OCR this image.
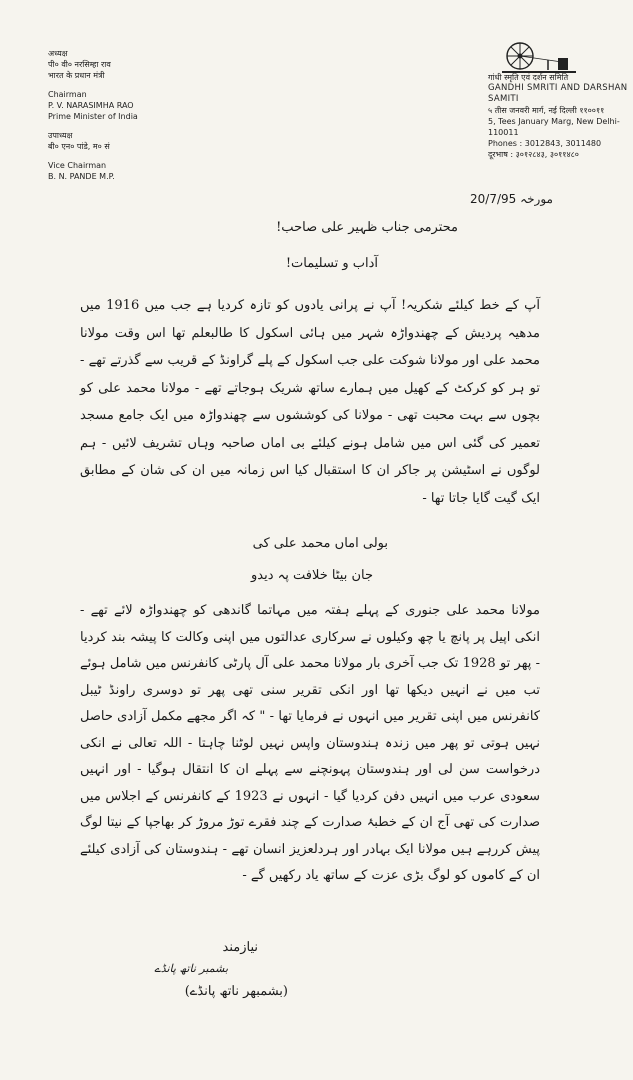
अध्यक्ष
पी० वी० नरसिम्हा राव
भारत के प्रधान मंत्री
Chairman
P. V. NARASIMHA RAO
Prime Minister of India
उपाध्यक्ष
बी० एन० पांडे, म० सं
Vice Chairman
B. N. PANDE M.P.
गांधी स्मृति एवं दर्शन समिति
GANDHI SMRITI AND DARSHAN SAMITI
५ तीस जनवरी मार्ग, नई दिल्ली ११००११
5, Tees January Marg, New Delhi-110011
Phones : 3012843, 3011480
दूरभाष : ३०१२८४३, ३०११४८०
20/7/95 مورخہ
محترمی جناب ظہیر علی صاحب!
آداب و تسلیمات!
آپ کے خط کیلئے شکریہ! آپ نے پرانی یادوں کو تازہ کردیا ہے جب میں 1916 میں مدھیہ پردیش کے چھندواڑہ شہر میں ہائی اسکول کا طالبعلم تھا اس وقت مولانا محمد علی اور مولانا شوکت علی جب اسکول کے پلے گراونڈ کے قریب سے گذرتے تھے - تو ہر کو کرکٹ کے کھیل میں ہمارے ساتھ شریک ہوجاتے تھے - مولانا محمد علی کو بچوں سے بہت محبت تھی - مولانا کی کوششوں سے چھندواڑہ میں ایک جامع مسجد تعمیر کی گئی اس میں شامل ہونے کیلئے بی اماں صاحبہ وہاں تشریف لائیں - ہم لوگوں نے اسٹیشن پر جاکر ان کا استقبال کیا اس زمانہ میں ان کی شان کے مطابق ایک گیت گایا جاتا تھا -
بولی اماں محمد علی کی
جان بیٹا خلافت پہ دیدو
مولانا محمد علی جنوری کے پہلے ہفتہ میں مہاتما گاندھی کو چھندواڑہ لائے تھے - انکی اپیل پر پانچ یا چھ وکیلوں نے سرکاری عدالتوں میں اپنی وکالت کا پیشہ بند کردیا - پھر تو 1928 تک جب آخری بار مولانا محمد علی آل پارٹی کانفرنس میں شامل ہوئے تب میں نے انہیں دیکھا تھا اور انکی تقریر سنی تھی پھر تو دوسری راونڈ ٹیبل کانفرنس میں اپنی تقریر میں انہوں نے فرمایا تھا - " کہ اگر مجھے مکمل آزادی حاصل نہیں ہوتی تو پھر میں زندہ ہندوستان واپس نہیں لوٹنا چاہتا - اللہ تعالی نے انکی درخواست سن لی اور ہندوستان پہونچنے سے پہلے ان کا انتقال ہوگیا - اور انہیں سعودی عرب میں انہیں دفن کردیا گیا - انہوں نے 1923 کے کانفرنس کے اجلاس میں صدارت کی تھی آج ان کے خطبۂ صدارت کے چند فقرے توڑ مروڑ کر بھاجپا کے نیتا لوگ پیش کررہے ہیں مولانا ایک بہادر اور ہردلعزیز انسان تھے - ہندوستان کی آزادی کیلئے ان کے کاموں کو لوگ بڑی عزت کے ساتھ یاد رکھیں گے -
نیازمند
بشمبر ناتھ پانڈے
(بشمبھر ناتھ پانڈے)
